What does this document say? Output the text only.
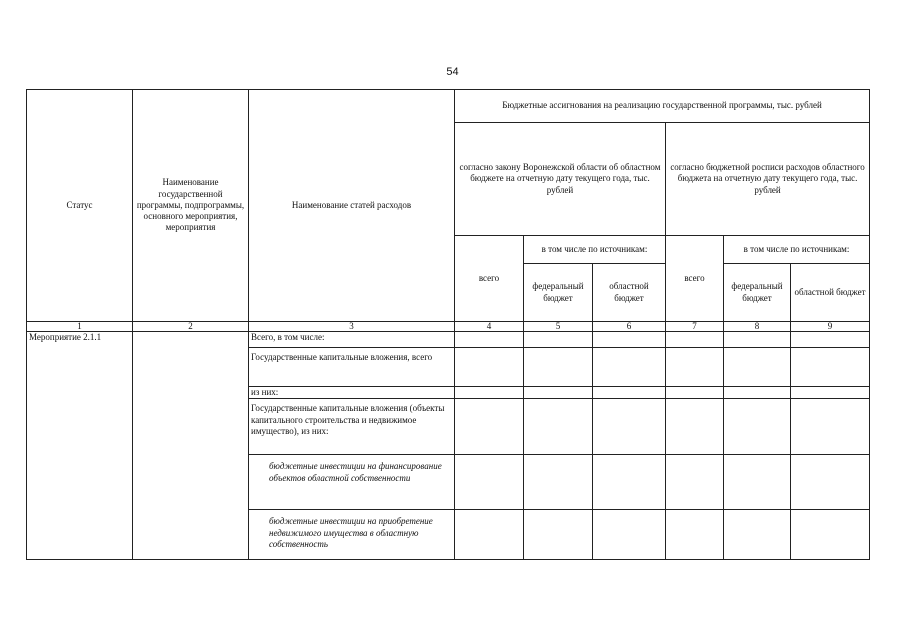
54
Статус	Наименование государственной программы, подпрограммы, основного мероприятия, мероприятия	Наименование статей расходов	Бюджетные ассигнования на реализацию государственной программы, тыс. рублей					
			согласно закону Воронежской области об областном бюджете на отчетную дату текущего года, тыс. рублей			согласно бюджетной росписи расходов областного бюджета на отчетную дату текущего года, тыс. рублей		
			всего	в том числе по источникам:		всего	в том числе по источникам:	
				федеральный бюджет	областной бюджет		федеральный бюджет	областной бюджет
1	2	3	4	5	6	7	8	9
Мероприятие 2.1.1		Всего, в том числе:						
		Государственные капитальные вложения, всего						
		из них:						
		Государственные капитальные вложения (объекты капитального строительства и недвижимое имущество), из них:						
		бюджетные инвестиции на финансирование объектов областной собственности						
		бюджетные инвестиции на приобретение недвижимого имущества в областную собственность						
